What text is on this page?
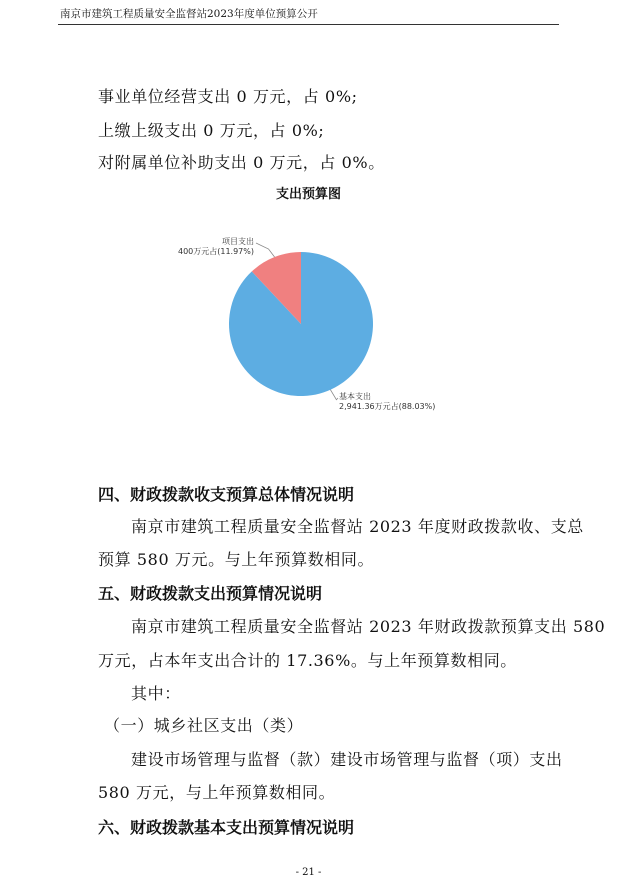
南京市建筑工程质量安全监督站2023年度单位预算公开
事业单位经营支出 0 万元，占 0%;
上缴上级支出 0 万元，占 0%;
对附属单位补助支出 0 万元，占 0%。
支出预算图
基本支出
2,941.36万元占(88.03%)
项目支出
400万元占(11.97%)
四、财政拨款收支预算总体情况说明
南京市建筑工程质量安全监督站 2023 年度财政拨款收、支总
预算 580 万元。与上年预算数相同。
五、财政拨款支出预算情况说明
南京市建筑工程质量安全监督站 2023 年财政拨款预算支出 580
万元，占本年支出合计的 17.36%。与上年预算数相同。
其中：
（一）城乡社区支出（类）
建设市场管理与监督（款）建设市场管理与监督（项）支出
580 万元，与上年预算数相同。
六、财政拨款基本支出预算情况说明
- 21 -
